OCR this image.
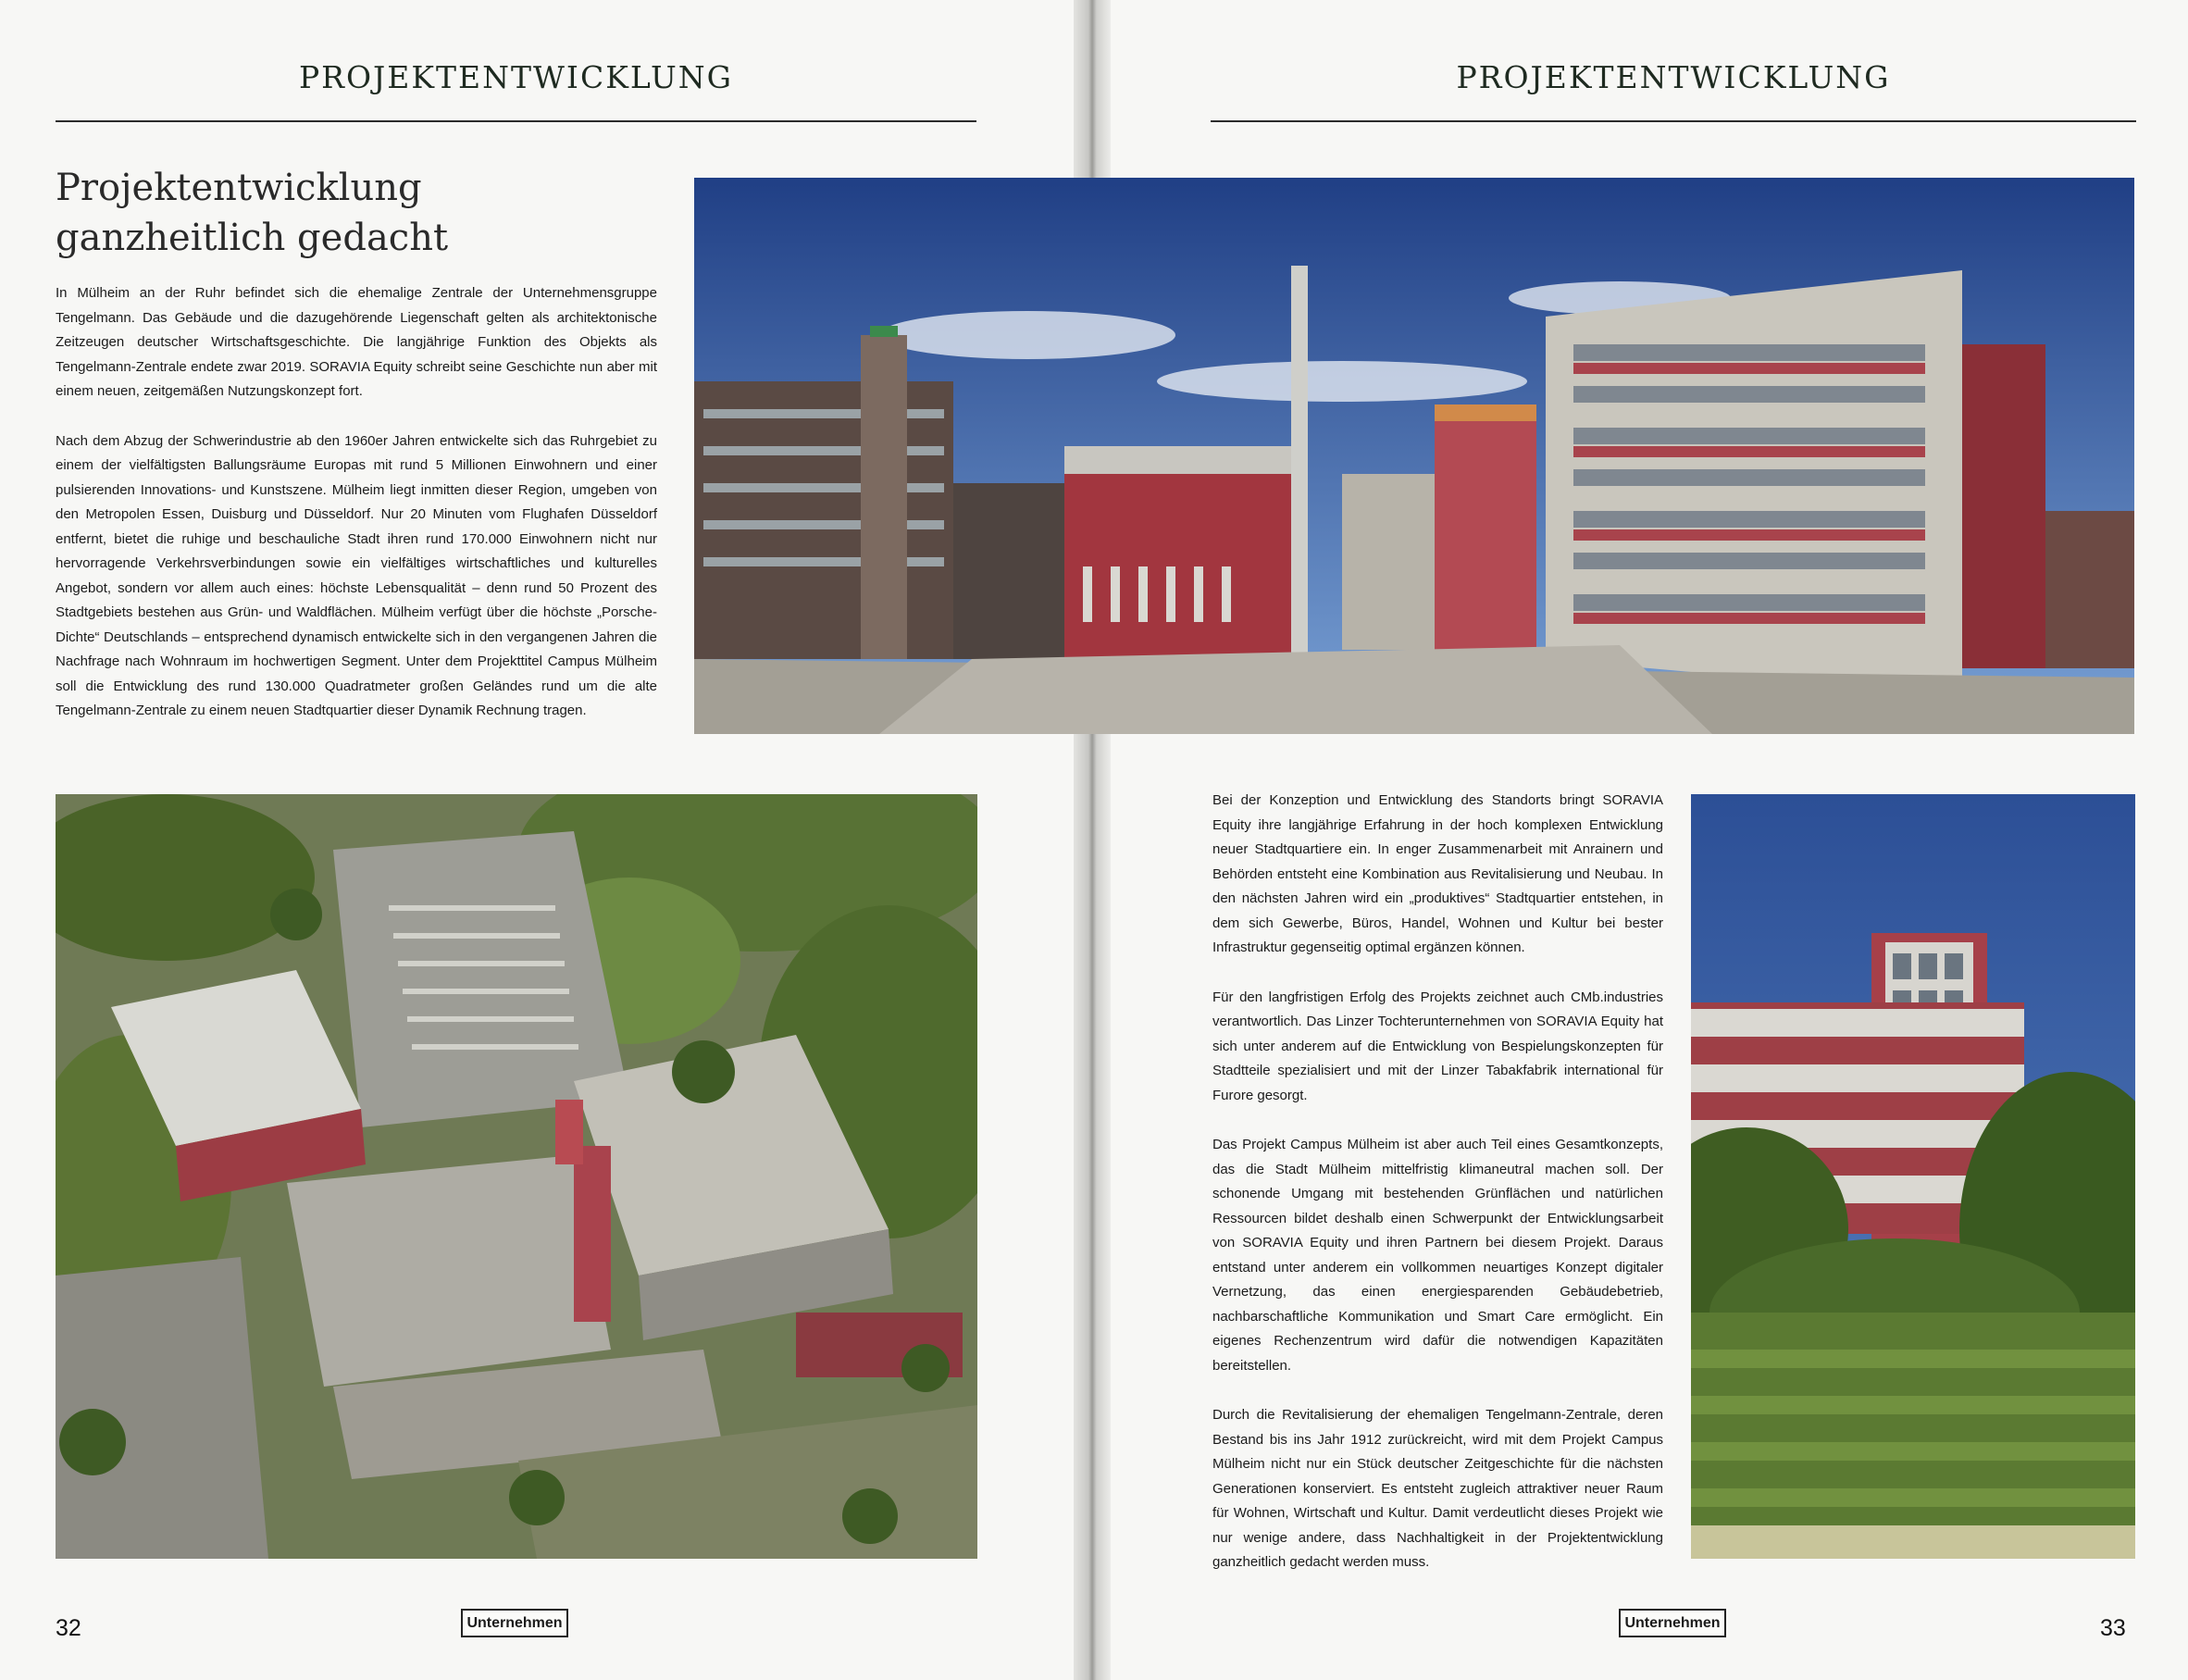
PROJEKTENTWICKLUNG
Projektentwicklung
ganzheitlich gedacht

In Mülheim an der Ruhr befindet sich die ehemalige Zentrale der Unternehmensgruppe Tengelmann. Das Gebäude und die dazugehörende Liegenschaft gelten als architektonische Zeitzeugen deutscher Wirtschaftsgeschichte. Die langjährige Funktion des Objekts als Tengelmann-Zentrale endete zwar 2019. SORAVIA Equity schreibt seine Geschichte nun aber mit einem neuen, zeitgemäßen Nutzungskonzept fort.

Nach dem Abzug der Schwerindustrie ab den 1960er Jahren entwickelte sich das Ruhrgebiet zu einem der vielfältigsten Ballungsräume Europas mit rund 5 Millionen Einwohnern und einer pulsierenden Innovations- und Kunstszene. Mülheim liegt inmitten dieser Region, umgeben von den Metropolen Essen, Duisburg und Düsseldorf. Nur 20 Minuten vom Flughafen Düsseldorf entfernt, bietet die ruhige und beschauliche Stadt ihren rund 170.000 Einwohnern nicht nur hervorragende Verkehrsverbindungen sowie ein vielfältiges wirtschaftliches und kulturelles Angebot, sondern vor allem auch eines: höchste Lebensqualität – denn rund 50 Prozent des Stadtgebiets bestehen aus Grün- und Waldflächen. Mülheim verfügt über die höchste „Porsche-Dichte“ Deutschlands – entsprechend dynamisch entwickelte sich in den vergangenen Jahren die Nachfrage nach Wohnraum im hochwertigen Segment. Unter dem Projekttitel Campus Mülheim soll die Entwicklung des rund 130.000 Quadratmeter großen Geländes rund um die alte Tengelmann-Zentrale zu einem neuen Stadtquartier dieser Dynamik Rechnung tragen.

32	Unternehmen
PROJEKTENTWICKLUNG

Bei der Konzeption und Entwicklung des Standorts bringt SORAVIA Equity ihre langjährige Erfahrung in der hoch komplexen Entwicklung neuer Stadtquartiere ein. In enger Zusammenarbeit mit Anrainern und Behörden entsteht eine Kombination aus Revitalisierung und Neubau. In den nächsten Jahren wird ein „produktives“ Stadtquartier entstehen, in dem sich Gewerbe, Büros, Handel, Wohnen und Kultur bei bester Infrastruktur gegenseitig optimal ergänzen können.

Für den langfristigen Erfolg des Projekts zeichnet auch CMb.industries verantwortlich. Das Linzer Tochterunternehmen von SORAVIA Equity hat sich unter anderem auf die Entwicklung von Bespielungskonzepten für Stadtteile spezialisiert und mit der Linzer Tabakfabrik international für Furore gesorgt.

Das Projekt Campus Mülheim ist aber auch Teil eines Gesamtkonzepts, das die Stadt Mülheim mittelfristig klimaneutral machen soll. Der schonende Umgang mit bestehenden Grünflächen und natürlichen Ressourcen bildet deshalb einen Schwerpunkt der Entwicklungsarbeit von SORAVIA Equity und ihren Partnern bei diesem Projekt. Daraus entstand unter anderem ein vollkommen neuartiges Konzept digitaler Vernetzung, das einen energiesparenden Gebäudebetrieb, nachbarschaftliche Kommunikation und Smart Care ermöglicht. Ein eigenes Rechenzentrum wird dafür die notwendigen Kapazitäten bereitstellen.

Durch die Revitalisierung der ehemaligen Tengelmann-Zentrale, deren Bestand bis ins Jahr 1912 zurückreicht, wird mit dem Projekt Campus Mülheim nicht nur ein Stück deutscher Zeitgeschichte für die nächsten Generationen konserviert. Es entsteht zugleich attraktiver neuer Raum für Wohnen, Wirtschaft und Kultur. Damit verdeutlicht dieses Projekt wie nur wenige andere, dass Nachhaltigkeit in der Projektentwicklung ganzheitlich gedacht werden muss.

33
Unternehmen
